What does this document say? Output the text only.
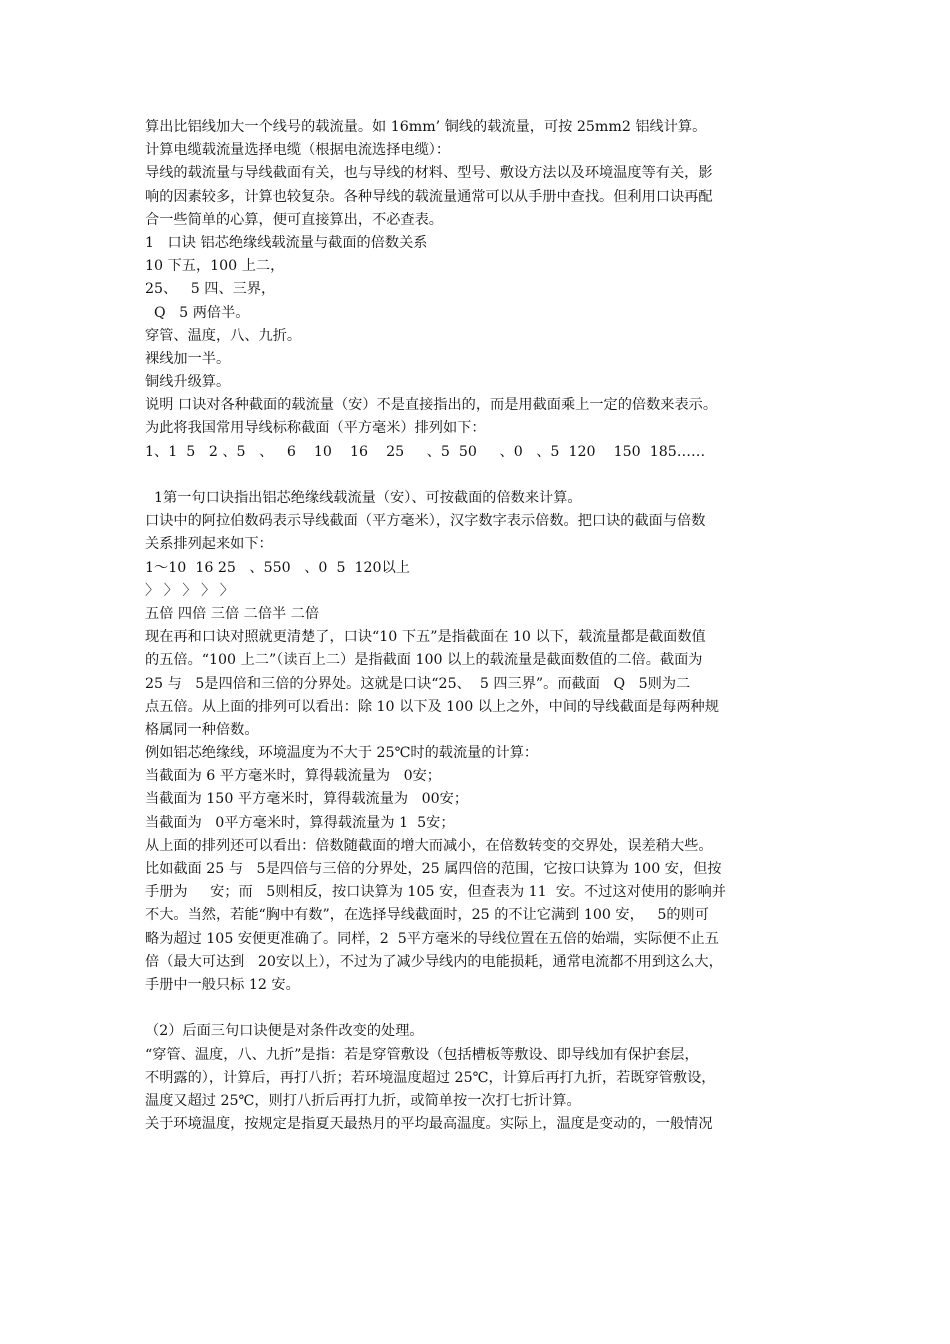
算出比铝线加大一个线号的载流量。如 16mm’ 铜线的载流量，可按 25mm2 铝线计算。
计算电缆载流量选择电缆（根据电流选择电缆）：
导线的载流量与导线截面有关，也与导线的材料、型号、敷设方法以及环境温度等有关，影
响的因素较多，计算也较复杂。各种导线的载流量通常可以从手册中查找。但利用口诀再配
合一些简单的心算，便可直接算出，不必查表。
1   口诀 铝芯绝缘线载流量与截面的倍数关系
10 下五，100 上二，
25、   5 四、三界，
Q   5 两倍半。
穿管、温度，八、九折。
裸线加一半。
铜线升级算。
说明 口诀对各种截面的载流量（安）不是直接指出的，而是用截面乘上一定的倍数来表示。
为此将我国常用导线标称截面（平方毫米）排列如下：
1、1  5   2 、5   、   6    10    16    25     、5  50     、0   、5  120    150  185……
1第一句口诀指出铝芯绝缘线载流量（安）、可按截面的倍数来计算。
口诀中的阿拉伯数码表示导线截面（平方毫米），汉字数字表示倍数。把口诀的截面与倍数
关系排列起来如下：
1～10  16 25   、550   、0  5  120以上
〉 〉 〉 〉 〉
五倍 四倍 三倍 二倍半 二倍
现在再和口诀对照就更清楚了，口诀“10 下五”是指截面在 10 以下，载流量都是截面数值
的五倍。“100 上二”（读百上二）是指截面 100 以上的载流量是截面数值的二倍。截面为
25 与   5是四倍和三倍的分界处。这就是口诀“25、  5 四三界”。而截面   Q   5则为二
点五倍。从上面的排列可以看出：除 10 以下及 100 以上之外，中间的导线截面是每两种规
格属同一种倍数。
例如铝芯绝缘线，环境温度为不大于 25℃时的载流量的计算：
当截面为 6 平方毫米时，算得载流量为   0安；
当截面为 150 平方毫米时，算得载流量为   00安；
当截面为   0平方毫米时，算得载流量为 1  5安；
从上面的排列还可以看出：倍数随截面的增大而减小，在倍数转变的交界处，误差稍大些。
比如截面 25 与   5是四倍与三倍的分界处，25 属四倍的范围，它按口诀算为 100 安，但按
手册为     安；而   5则相反，按口诀算为 105 安，但查表为 11  安。不过这对使用的影响并
不大。当然，若能“胸中有数”，在选择导线截面时，25 的不让它满到 100 安，   5的则可
略为超过 105 安便更准确了。同样，2  5平方毫米的导线位置在五倍的始端，实际便不止五
倍（最大可达到   20安以上），不过为了减少导线内的电能损耗，通常电流都不用到这么大，
手册中一般只标 12 安。
（2）后面三句口诀便是对条件改变的处理。
“穿管、温度，八、九折”是指：若是穿管敷设（包括槽板等敷设、即导线加有保护套层，
不明露的），计算后，再打八折；若环境温度超过 25℃，计算后再打九折，若既穿管敷设，
温度又超过 25℃，则打八折后再打九折，或简单按一次打七折计算。
关于环境温度，按规定是指夏天最热月的平均最高温度。实际上，温度是变动的，一般情况
